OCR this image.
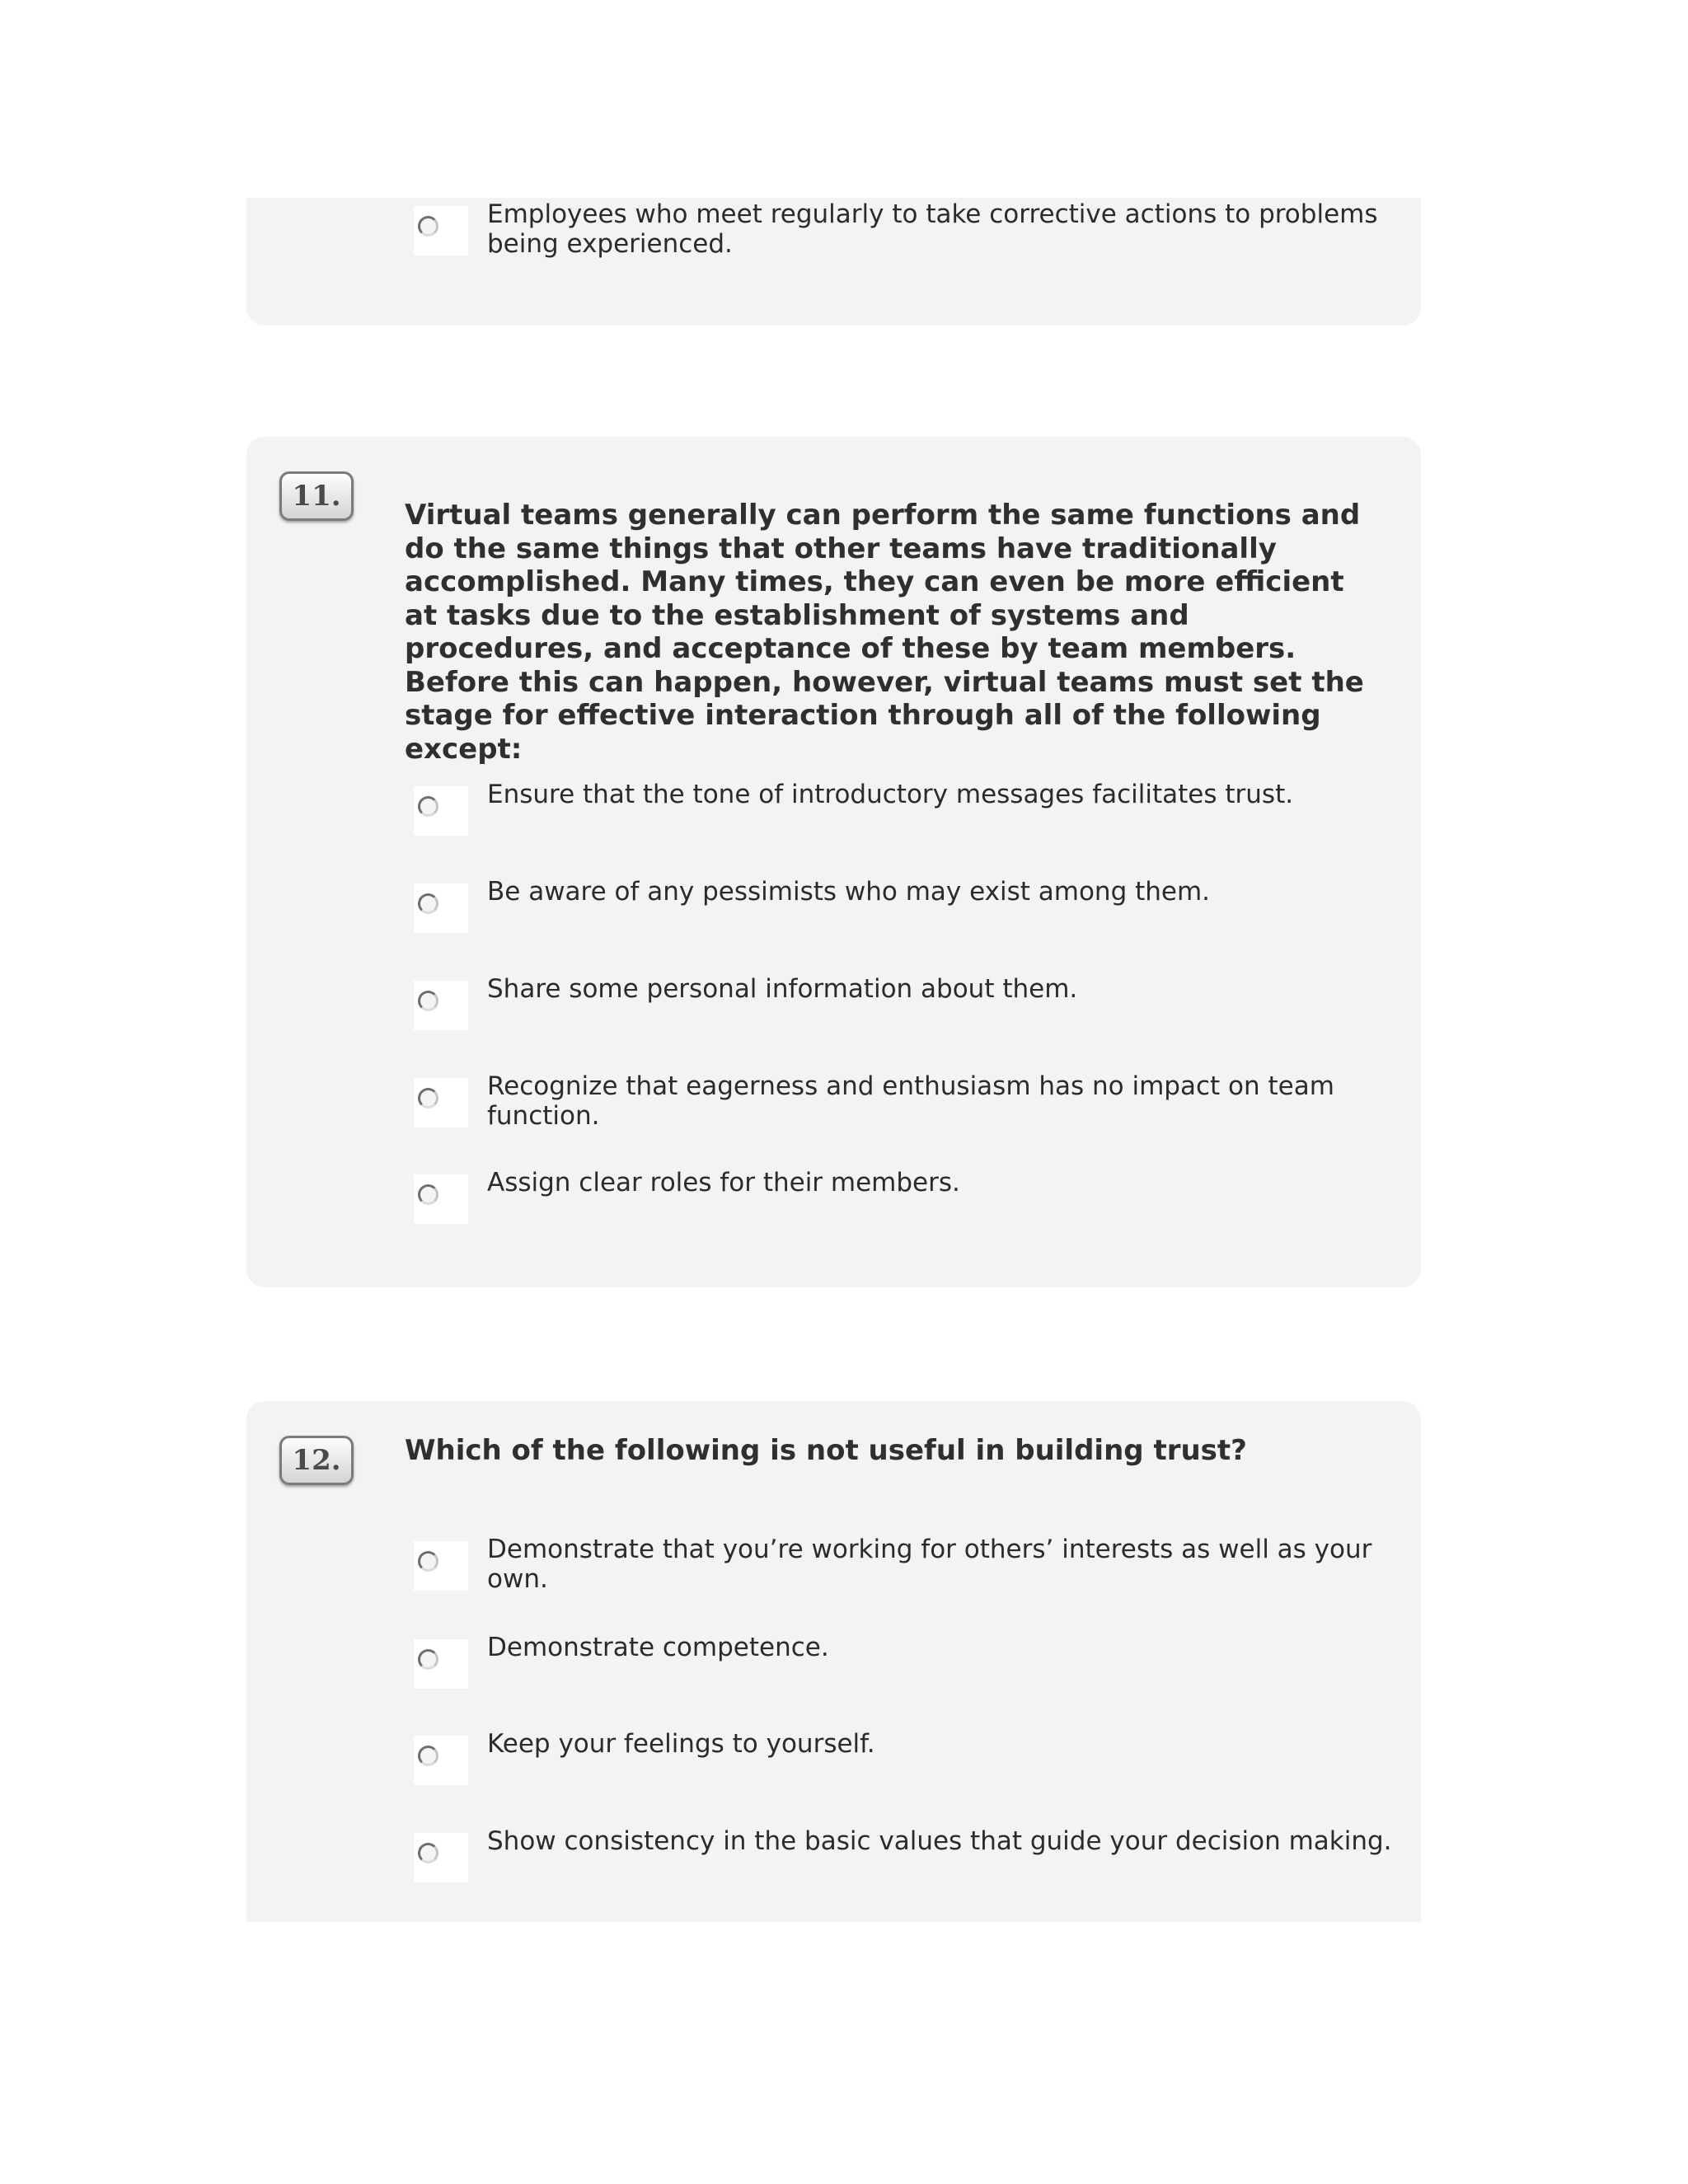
Employees who meet regularly to take corrective actions to problems being experienced.
11.

Virtual teams generally can perform the same functions and do the same things that other teams have traditionally accomplished. Many times, they can even be more efficient at tasks due to the establishment of systems and procedures, and acceptance of these by team members. Before this can happen, however, virtual teams must set the stage for effective interaction through all of the following except:

Ensure that the tone of introductory messages facilitates trust.
Be aware of any pessimists who may exist among them.
Share some personal information about them.
Recognize that eagerness and enthusiasm has no impact on team function.
Assign clear roles for their members.
12.	Which of the following is not useful in building trust?

Demonstrate that you’re working for others’ interests as well as your own.
Demonstrate competence.
Keep your feelings to yourself.
Show consistency in the basic values that guide your decision making.
